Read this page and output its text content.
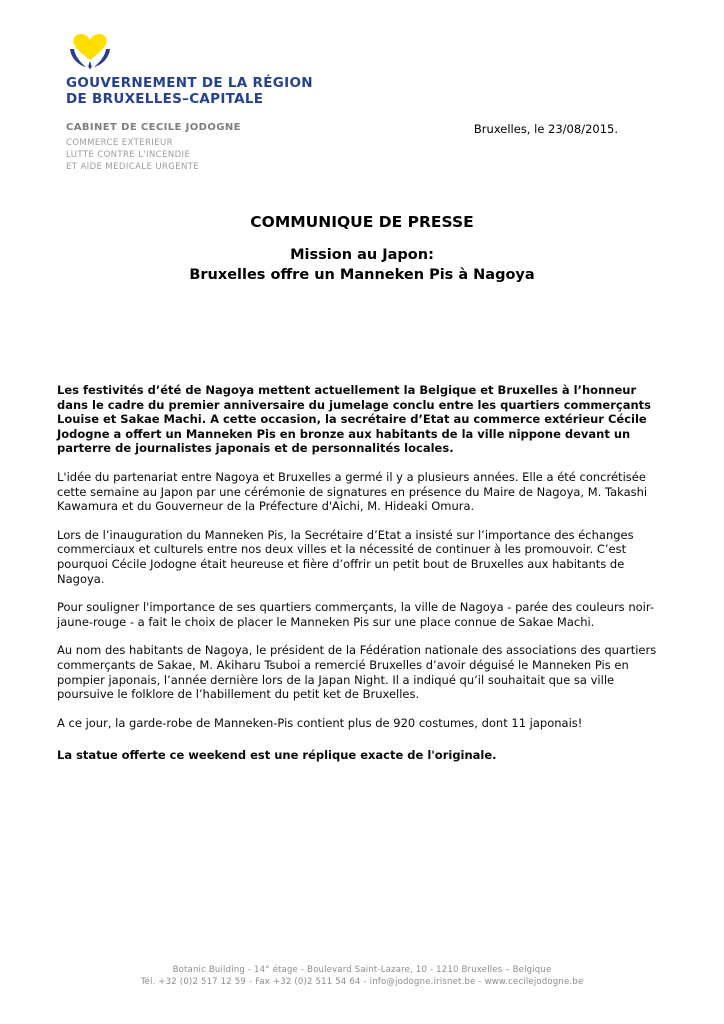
GOUVERNEMENT DE LA RÉGION
DE BRUXELLES–CAPITALE
CABINET DE CECILE JODOGNE
COMMERCE EXTERIEUR
LUTTE CONTRE L'INCENDIE
ET AIDE MEDICALE URGENTE
Bruxelles, le 23/08/2015.
COMMUNIQUE DE PRESSE
Mission au Japon:
Bruxelles offre un Manneken Pis à Nagoya

Les festivités d’été de Nagoya mettent actuellement la Belgique et Bruxelles à l’honneur dans le cadre du premier anniversaire du jumelage conclu entre les quartiers commerçants Louise et Sakae Machi. A cette occasion, la secrétaire d’Etat au commerce extérieur Cécile Jodogne a offert un Manneken Pis en bronze aux habitants de la ville nippone devant un parterre de journalistes japonais et de personnalités locales.

L'idée du partenariat entre Nagoya et Bruxelles a germé il y a plusieurs années. Elle a été concrétisée cette semaine au Japon par une cérémonie de signatures en présence du Maire de Nagoya, M. Takashi Kawamura et du Gouverneur de la Préfecture d'Aichi, M. Hideaki Omura.

Lors de l’inauguration du Manneken Pis, la Secrétaire d’Etat a insisté sur l’importance des échanges commerciaux et culturels entre nos deux villes et la nécessité de continuer à les promouvoir. C’est pourquoi Cécile Jodogne était heureuse et fière d’offrir un petit bout de Bruxelles aux habitants de Nagoya.

Pour souligner l'importance de ses quartiers commerçants, la ville de Nagoya - parée des couleurs noir-jaune-rouge - a fait le choix de placer le Manneken Pis sur une place connue de Sakae Machi.

Au nom des habitants de Nagoya, le président de la Fédération nationale des associations des quartiers commerçants de Sakae, M. Akiharu Tsuboi a remercié Bruxelles d’avoir déguisé le Manneken Pis en pompier japonais, l’année dernière lors de la Japan Night. Il a indiqué qu’il souhaitait que sa ville poursuive le folklore de l’habillement du petit ket de Bruxelles.

A ce jour, la garde-robe de Manneken-Pis contient plus de 920 costumes, dont 11 japonais!

La statue offerte ce weekend est une réplique exacte de l'originale.

Botanic Building - 14° étage - Boulevard Saint-Lazare, 10 - 1210 Bruxelles – Belgique
Tél. +32 (0)2 517 12 59 - Fax +32 (0)2 511 54 64 - info@jodogne.irisnet.be - www.cecilejodogne.be
